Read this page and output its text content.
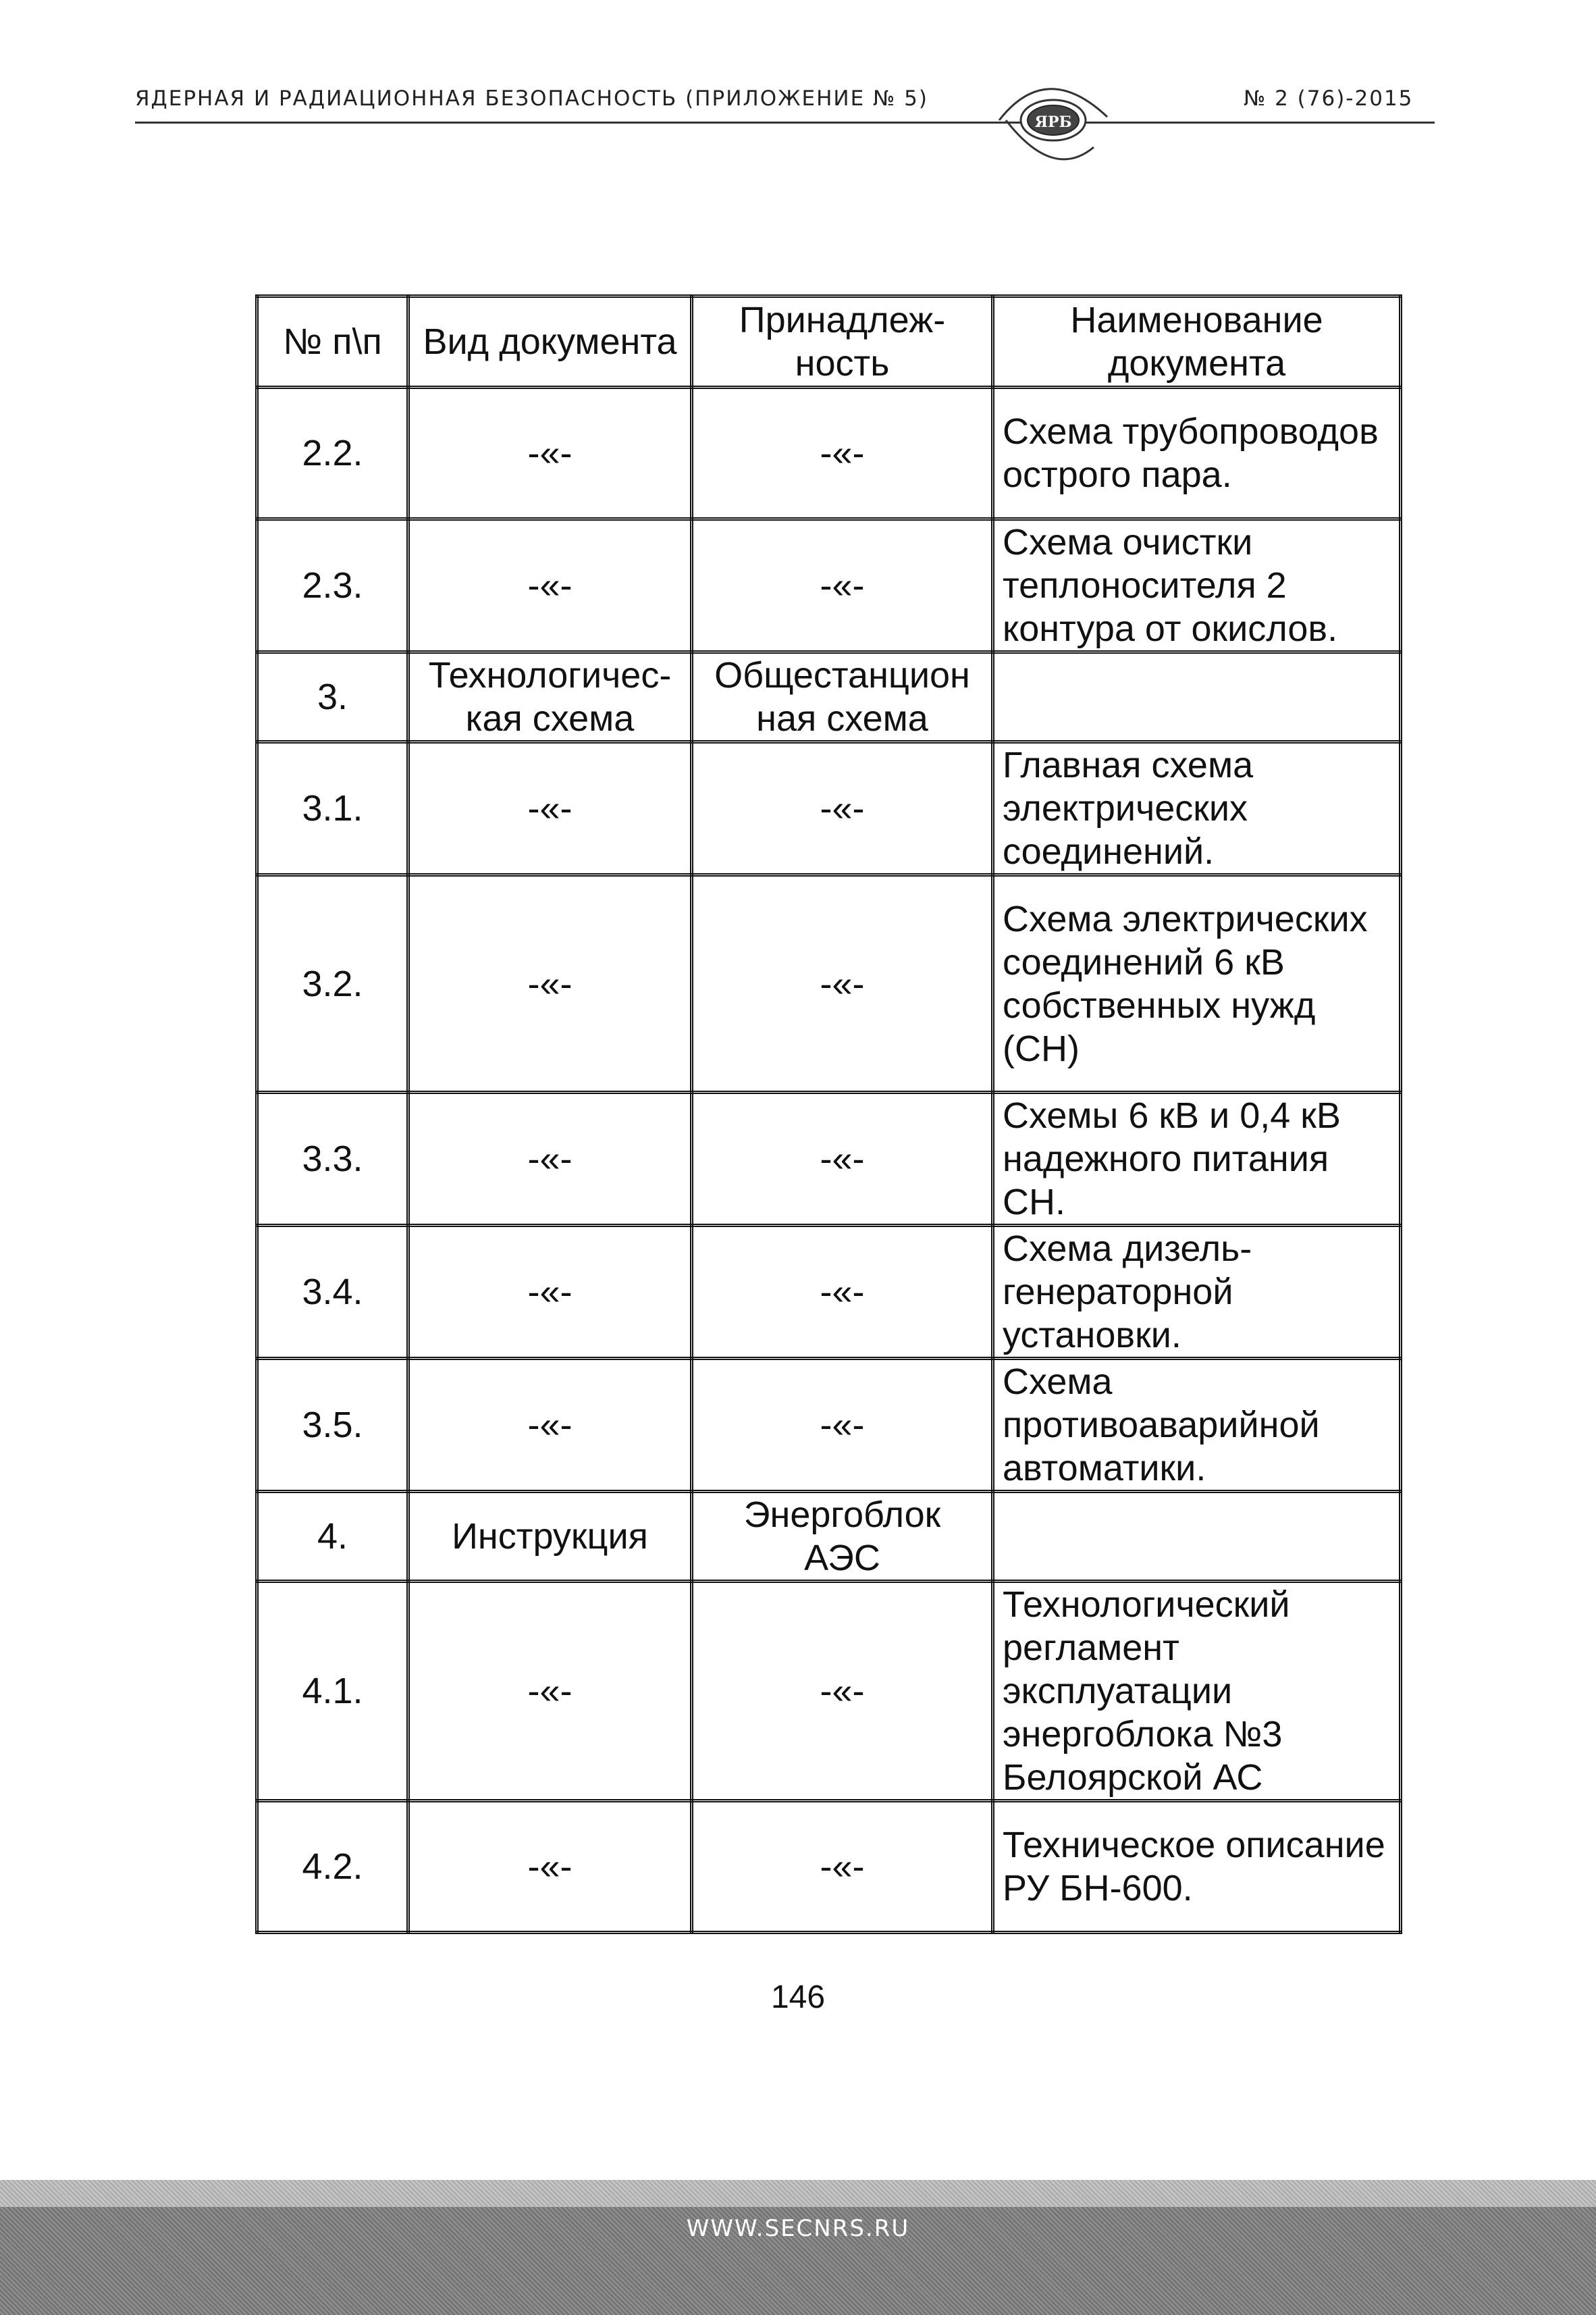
ЯДЕРНАЯ И РАДИАЦИОННАЯ БЕЗОПАСНОСТЬ (ПРИЛОЖЕНИЕ № 5)	№ 2 (76)-2015
ЯРБ
№ п\п	Вид документа	Принадлеж-ность	Наименование документа
2.2.	-«-	-«-	Схема трубопроводов острого пара.
2.3.	-«-	-«-	Схема очистки теплоносителя 2 контура от окислов.
3.	Технологичес-кая схема	Общестанцион ная схема	
3.1.	-«-	-«-	Главная схема электрических соединений.
3.2.	-«-	-«-	Схема электрических соединений 6 кВ собственных нужд (СН)
3.3.	-«-	-«-	Схемы 6 кВ и 0,4 кВ надежного питания СН.
3.4.	-«-	-«-	Схема дизель-генераторной установки.
3.5.	-«-	-«-	Схема противоаварийной автоматики.
4.	Инструкция	Энергоблок АЭС	
4.1.	-«-	-«-	Технологический регламент эксплуатации энергоблока №3 Белоярской АС
4.2.	-«-	-«-	Техническое описание РУ БН-600.
146
WWW.SECNRS.RU
